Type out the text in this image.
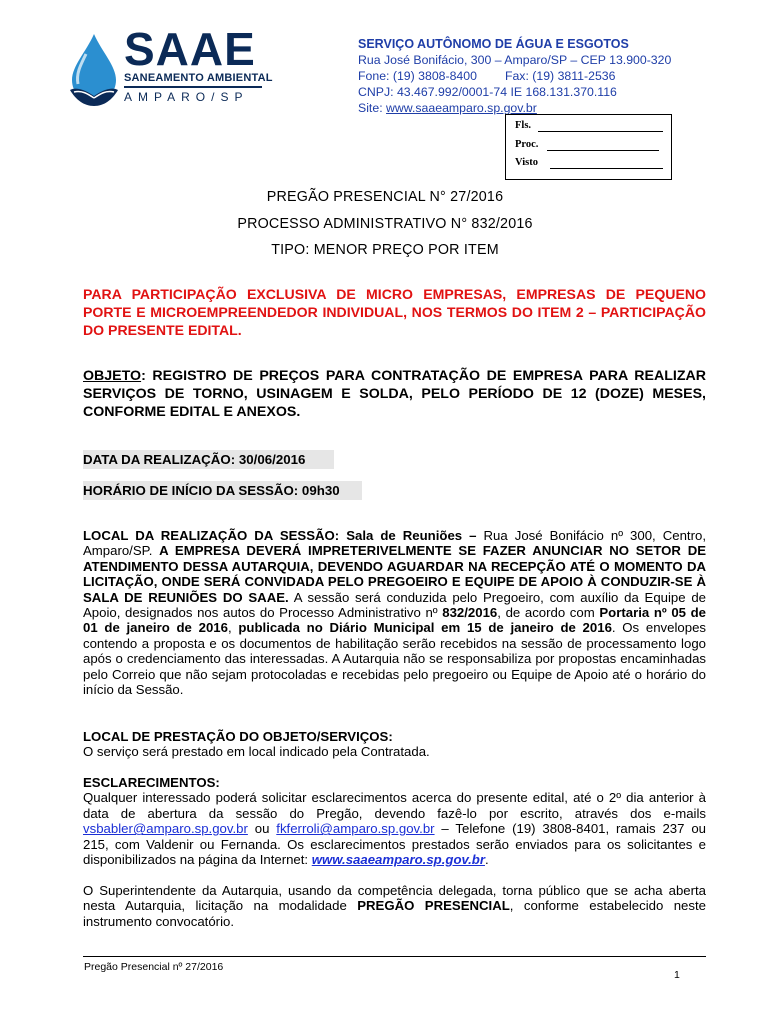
SAAE
SANEAMENTO AMBIENTAL
AMPARO/SP
SERVIÇO AUTÔNOMO DE ÁGUA E ESGOTOS
Rua José Bonifácio, 300 – Amparo/SP – CEP 13.900-320
Fone: (19) 3808-8400 Fax: (19) 3811-2536
CNPJ: 43.467.992/0001-74 IE 168.131.370.116
Site: www.saaeamparo.sp.gov.br
Fls.
Proc.
Visto
PREGÃO PRESENCIAL N° 27/2016
PROCESSO ADMINISTRATIVO N° 832/2016
TIPO: MENOR PREÇO POR ITEM
PARA PARTICIPAÇÃO EXCLUSIVA DE MICRO EMPRESAS, EMPRESAS DE PEQUENO PORTE E MICROEMPREENDEDOR INDIVIDUAL, NOS TERMOS DO ITEM 2 – PARTICIPAÇÃO DO PRESENTE EDITAL.
OBJETO: REGISTRO DE PREÇOS PARA CONTRATAÇÃO DE EMPRESA PARA REALIZAR SERVIÇOS DE TORNO, USINAGEM E SOLDA, PELO PERÍODO DE 12 (DOZE) MESES, CONFORME EDITAL E ANEXOS.
DATA DA REALIZAÇÃO: 30/06/2016
HORÁRIO DE INÍCIO DA SESSÃO: 09h30
LOCAL DA REALIZAÇÃO DA SESSÃO: Sala de Reuniões – Rua José Bonifácio nº 300, Centro, Amparo/SP. A EMPRESA DEVERÁ IMPRETERIVELMENTE SE FAZER ANUNCIAR NO SETOR DE ATENDIMENTO DESSA AUTARQUIA, DEVENDO AGUARDAR NA RECEPÇÃO ATÉ O MOMENTO DA LICITAÇÃO, ONDE SERÁ CONVIDADA PELO PREGOEIRO E EQUIPE DE APOIO À CONDUZIR-SE À SALA DE REUNIÕES DO SAAE. A sessão será conduzida pelo Pregoeiro, com auxílio da Equipe de Apoio, designados nos autos do Processo Administrativo nº 832/2016, de acordo com Portaria nº 05 de 01 de janeiro de 2016, publicada no Diário Municipal em 15 de janeiro de 2016. Os envelopes contendo a proposta e os documentos de habilitação serão recebidos na sessão de processamento logo após o credenciamento das interessadas. A Autarquia não se responsabiliza por propostas encaminhadas pelo Correio que não sejam protocoladas e recebidas pelo pregoeiro ou Equipe de Apoio até o horário do início da Sessão.
LOCAL DE PRESTAÇÃO DO OBJETO/SERVIÇOS:
O serviço será prestado em local indicado pela Contratada.
ESCLARECIMENTOS:
Qualquer interessado poderá solicitar esclarecimentos acerca do presente edital, até o 2º dia anterior à data de abertura da sessão do Pregão, devendo fazê-lo por escrito, através dos e-mails vsbabler@amparo.sp.gov.br ou fkferroli@amparo.sp.gov.br – Telefone (19) 3808-8401, ramais 237 ou 215, com Valdenir ou Fernanda. Os esclarecimentos prestados serão enviados para os solicitantes e disponibilizados na página da Internet: www.saaeamparo.sp.gov.br.
O Superintendente da Autarquia, usando da competência delegada, torna público que se acha aberta nesta Autarquia, licitação na modalidade PREGÃO PRESENCIAL, conforme estabelecido neste instrumento convocatório.
Pregão Presencial nº 27/2016
1
